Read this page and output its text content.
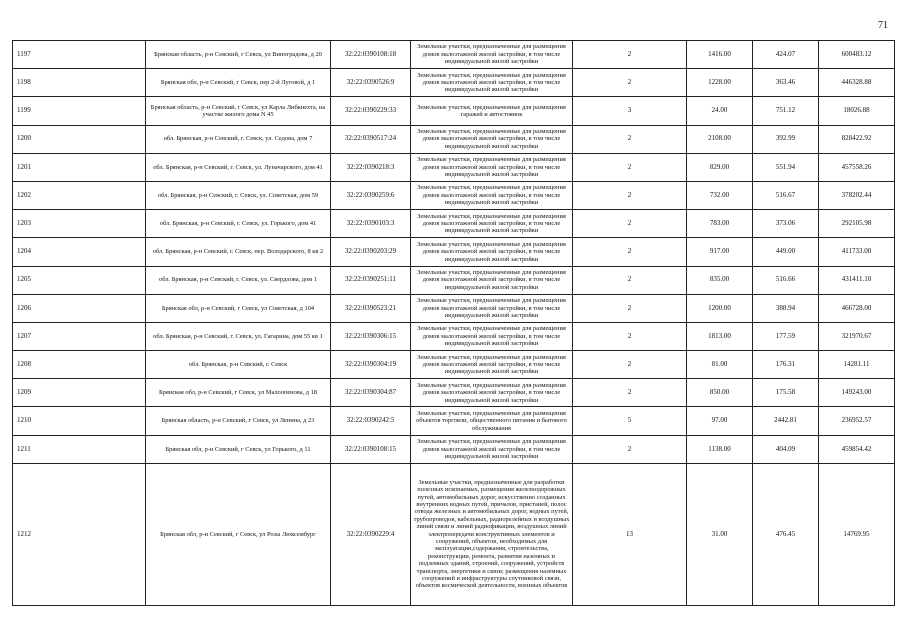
71
1197	Брянская область, р-н Севский, г Севск, ул Виноградова, д 20	32:22:0390108:18	Земельные участки, предназначенные для размещения домов малоэтажной жилой застройки, в том числе индивидуальной жилой застройки	2	1416.00	424.07	600483.12
1198	Брянская обл, р-н Севский, г Севск, пер 2-й Луговой, д 1	32:22:0390526:9	Земельные участки, предназначенные для размещения домов малоэтажной жилой застройки, в том числе индивидуальной жилой застройки	2	1228.00	363.46	446328.88
1199	Брянская область, р-н Севский, г Севск, ул Карла Либкнехта, на участке жилого дома N 45	32:22:0390229:33	Земельные участки, предназначенные для размещения гаражей и автостоянок	3	24.00	751.12	18026.88
1200	обл. Брянская, р-н Севский, г. Севск, ул. Седова, дом 7	32:22:0390517:24	Земельные участки, предназначенные для размещения домов малоэтажной жилой застройки, в том числе индивидуальной жилой застройки	2	2108.00	392.99	828422.92
1201	обл. Брянская, р-н Севский, г. Севск, ул. Луначарского, дом 41	32:22:0390218:3	Земельные участки, предназначенные для размещения домов малоэтажной жилой застройки, в том числе индивидуальной жилой застройки	2	829.00	551.94	457558.26
1202	обл. Брянская, р-н Севский, г. Севск, ул. Советская, дом 59	32:22:0390259:6	Земельные участки, предназначенные для размещения домов малоэтажной жилой застройки, в том числе индивидуальной жилой застройки	2	732.00	516.67	378202.44
1203	обл. Брянская, р-н Севский, г. Севск, ул. Горького, дом 41	32:22:0390103:3	Земельные участки, предназначенные для размещения домов малоэтажной жилой застройки, в том числе индивидуальной жилой застройки	2	783.00	373.06	292105.98
1204	обл. Брянская, р-н Севский, г. Севск, пер. Володарского, 8 кв 2	32:22:0390203:29	Земельные участки, предназначенные для размещения домов малоэтажной жилой застройки, в том числе индивидуальной жилой застройки	2	917.00	449.00	411733.00
1205	обл. Брянская, р-н Севский, г. Севск, ул. Свердлова, дом 1	32:22:0390251:11	Земельные участки, предназначенные для размещения домов малоэтажной жилой застройки, в том числе индивидуальной жилой застройки	2	835.00	516.66	431411.10
1206	Брянская обл, р-н Севский, г Севск, ул Советская, д 104	32:22:0390523:21	Земельные участки, предназначенные для размещения домов малоэтажной жилой застройки, в том числе индивидуальной жилой застройки	2	1200.00	388.94	466728.00
1207	обл. Брянская, р-н Севский, г. Севск, ул. Гагарина, дом 55 кв 1	32:22:0390306:15	Земельные участки, предназначенные для размещения домов малоэтажной жилой застройки, в том числе индивидуальной жилой застройки	2	1813.00	177.59	321970.67
1208	обл. Брянская, р-н Севский, г. Севск	32:22:0390304:19	Земельные участки, предназначенные для размещения домов малоэтажной жилой застройки, в том числе индивидуальной жилой застройки	2	81.00	176.31	14281.11
1209	Брянская обл, р-н Севский, г Севск, ул Малоопенова, д 18	32:22:0390304:87	Земельные участки, предназначенные для размещения домов малоэтажной жилой застройки, в том числе индивидуальной жилой застройки	2	850.00	175.58	149243.00
1210	Брянская область, р-н Севский, г Севск, ул Ленина, д 23	32:22:0390242:5	Земельные участки, предназначенные для размещения объектов торговли, общественного питания и бытового обслуживания	5	97.00	2442.81	236952.57
1211	Брянская обл, р-н Севский, г Севск, ул Горького, д 11	32:22:0390108:15	Земельные участки, предназначенные для размещения домов малоэтажной жилой застройки, в том числе индивидуальной жилой застройки	2	1138.00	404.09	459854.42
1212	Брянская обл, р-н Севский, г Севск, ул Розы Люксембург	32:22:0390229:4	Земельные участки, предназначенные для разработки полезных ископаемых, размещения железнодорожных путей, автомобильных дорог, искусственно созданных внутренних водных путей, причалов, пристаней, полос отвода железных и автомобильных дорог, водных путей, трубопроводов, кабельных, радиорелейных и воздушных линий связи и линий радиофикации, воздушных линий электропередачи конструктивных элементов и сооружений, объектов, необходимых для эксплуатации,содержания, строительства, реконструкции, ремонта, развития наземных и подземных зданий, строений, сооружений, устройств транспорта, энергетики и связи; размещения наземных сооружений и инфраструктуры спутниковой связи, объектов космической деятельности, военных объектов	13	31.00	476.45	14769.95
